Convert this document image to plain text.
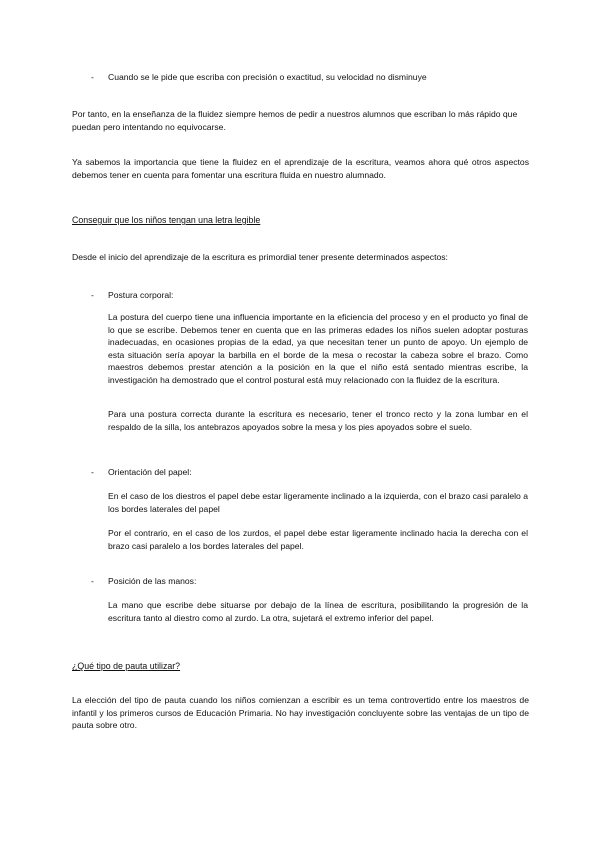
- Cuando se le pide que escriba con precisión o exactitud, su velocidad no disminuye
Por tanto, en la enseñanza de la fluidez siempre hemos de pedir a nuestros alumnos que escriban lo más rápido que puedan pero intentando no equivocarse.
Ya sabemos la importancia que tiene la fluidez en el aprendizaje de la escritura, veamos ahora qué otros aspectos debemos tener en cuenta para fomentar una escritura fluida en nuestro alumnado.
Conseguir que los niños tengan una letra legible
Desde el inicio del aprendizaje de la escritura es primordial tener presente determinados aspectos:
- Postura corporal:
La postura del cuerpo tiene una influencia importante en la eficiencia del proceso y en el producto yo final de lo que se escribe. Debemos tener en cuenta que en las primeras edades los niños suelen adoptar posturas inadecuadas, en ocasiones propias de la edad, ya que necesitan tener un punto de apoyo. Un ejemplo de esta situación sería apoyar la barbilla en el borde de la mesa o recostar la cabeza sobre el brazo. Como maestros debemos prestar atención a la posición en la que el niño está sentado mientras escribe, la investigación ha demostrado que el control postural está muy relacionado con la fluidez de la escritura.
Para una postura correcta durante la escritura es necesario, tener el tronco recto y la zona lumbar en el respaldo de la silla, los antebrazos apoyados sobre la mesa y los pies apoyados sobre el suelo.
- Orientación del papel:
En el caso de los diestros el papel debe estar ligeramente inclinado a la izquierda, con el brazo casi paralelo a los bordes laterales del papel
Por el contrario, en el caso de los zurdos, el papel debe estar ligeramente inclinado hacia la derecha con el brazo casi paralelo a los bordes laterales del papel.
- Posición de las manos:
La mano que escribe debe situarse por debajo de la línea de escritura, posibilitando la progresión de la escritura tanto al diestro como al zurdo. La otra, sujetará el extremo inferior del papel.
¿Qué tipo de pauta utilizar?
La elección del tipo de pauta cuando los niños comienzan a escribir es un tema controvertido entre los maestros de infantil y los primeros cursos de Educación Primaria. No hay investigación concluyente sobre las ventajas de un tipo de pauta sobre otro.
